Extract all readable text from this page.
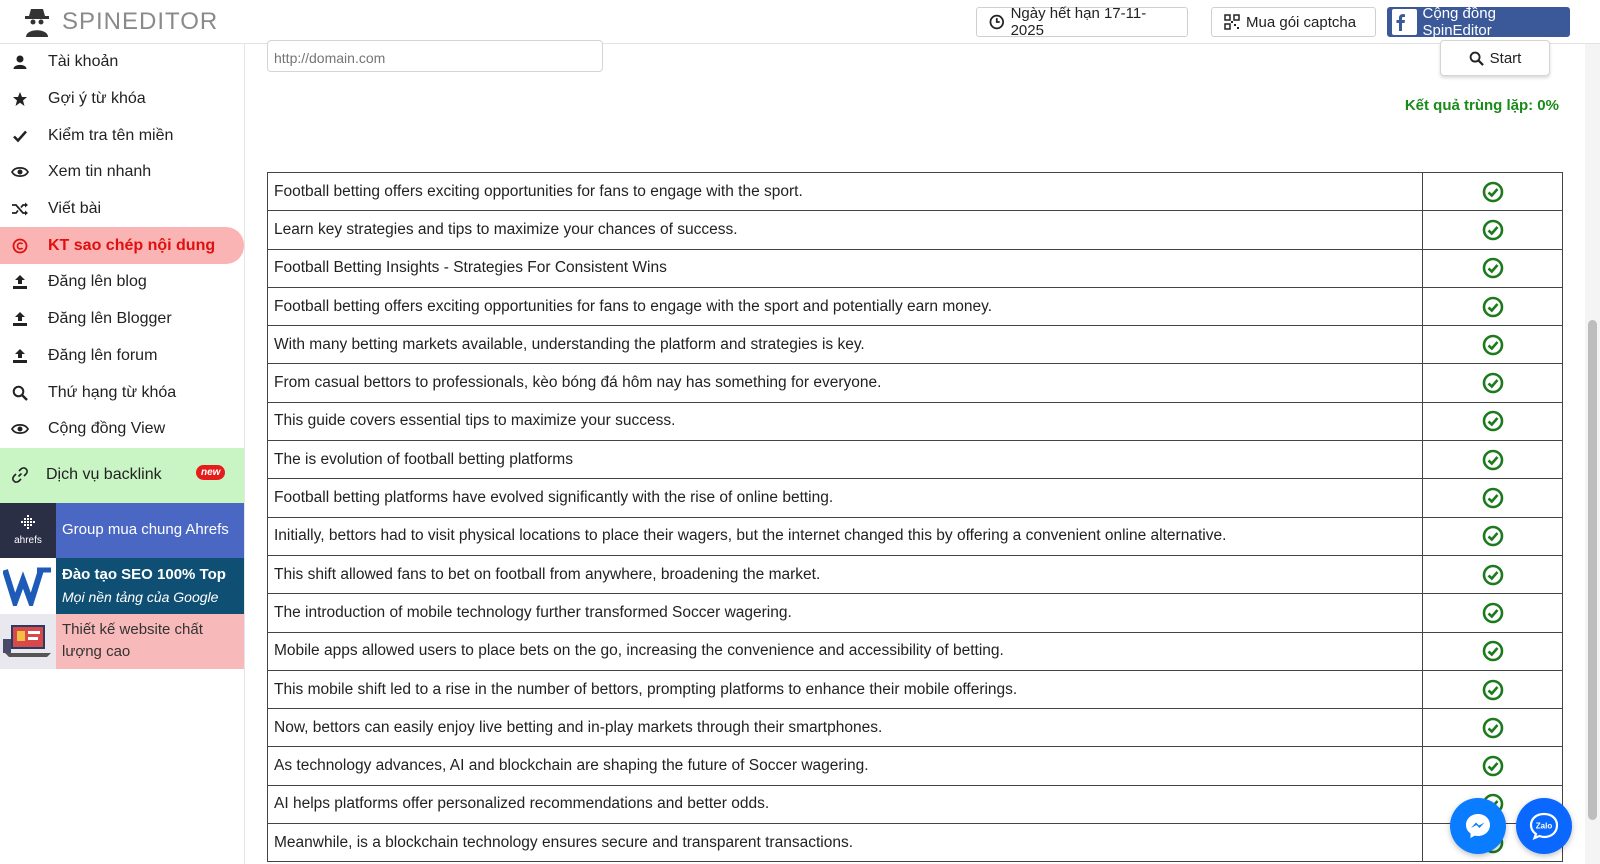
SPINEDITOR	Ngày hết hạn 17-11-2025	Mua gói captcha	Cộng đồng SpinEditor
Tài khoản
Gợi ý từ khóa
Kiểm tra tên miền
Xem tin nhanh
Viết bài
KT sao chép nội dung
Đăng lên blog
Đăng lên Blogger
Đăng lên forum
Thứ hạng từ khóa
Cộng đồng View
Dịch vụ backlink	new
ahrefs
Group mua chung Ahrefs
Đào tạo SEO 100% Top
Mọi nền tảng của Google
Thiết kế website chất
lượng cao
http://domain.com
Start
Kết quả trùng lặp: 0%
Football betting offers exciting opportunities for fans to engage with the sport.	
Learn key strategies and tips to maximize your chances of success.	
Football Betting Insights - Strategies For Consistent Wins	
Football betting offers exciting opportunities for fans to engage with the sport and potentially earn money.	
With many betting markets available, understanding the platform and strategies is key.	
From casual bettors to professionals, kèo bóng đá hôm nay has something for everyone.	
This guide covers essential tips to maximize your success.	
The is evolution of football betting platforms	
Football betting platforms have evolved significantly with the rise of online betting.	
Initially, bettors had to visit physical locations to place their wagers, but the internet changed this by offering a convenient online alternative.	
This shift allowed fans to bet on football from anywhere, broadening the market.	
The introduction of mobile technology further transformed Soccer wagering.	
Mobile apps allowed users to place bets on the go, increasing the convenience and accessibility of betting.	
This mobile shift led to a rise in the number of bettors, prompting platforms to enhance their mobile offerings.	
Now, bettors can easily enjoy live betting and in-play markets through their smartphones.	
As technology advances, AI and blockchain are shaping the future of Soccer wagering.	
AI helps platforms offer personalized recommendations and better odds.	
Meanwhile, is a blockchain technology ensures secure and transparent transactions.	
Zalo
